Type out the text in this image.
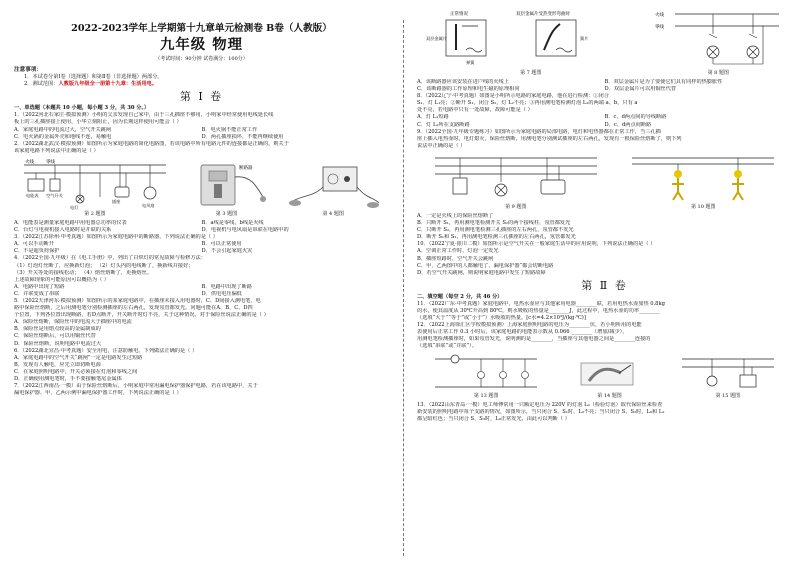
2022-2023学年上学期第十九章单元检测卷 B卷（人教版）
九年级 物理
（考试时间：90分钟 试卷满分：100分）
注意事项：
1．本试卷分第Ⅰ卷（选择题）和第Ⅱ卷（非选择题）两部分。
2．测试范围：人教版九年级全一册第十九章：生活用电。
第 Ⅰ 卷
一、单选题（本题共 10 小题，每小题 3 分，共 30 分。）
1．（2022河北石家庄·模拟预测）小明的父亲发现自己家中，由于三孔插座不够用，小明家中经常使用电线延长线
板上的三孔插座接上使用，小华立刻阻止，因为长期这样使用可能会（ ）
A．家庭电路中的电流过大，空气开关跳闸	B．电火锅不能正常工作
C．电火锅的金属外壳和地线不连，易触电	D．两孔插座损坏，不能再继续使用
2．（2022湖北武汉·模拟预测）如图所示为家庭电路的简化电路图，若该电路中所有电路元件的连接都是正确的，则关于
该家庭电路下列说法中正确的是（ ）
火线	零线
电能表 空气开关
电灯
插座
电风扇
第 2 题图
断路器
第 3 题图	第 4 题图
A．电能表是测量家庭电路中用电器总功率的仪表	B．a线是零线，b线是火线
C．台灯与电视机接入电路时是并联的关系	D．电视机与电风扇是串联在电路中的
3．（2022江苏徐州·中考真题）如图所示为家庭电路中的断路器，下列说法正确的是（ ）
A．可以手动断开	B．可以正常使用
C．不是超负荷保护	D．不会引起家庭火灾
4．（2022全国·九年级）在《电工手册》中，列出了白炽灯的常见故障与检修方法：
（1）灯泡灯丝断了，应换新灯泡； （2）灯头内的电线断了，换新线并接好；
（3）开关等处的接线松动； （4）熔丝熔断了，更换熔丝。
上述故障现象的可能原因可以概括为（ ）
A．电路中出现了短路	B．电路中出现了断路
C．并联变成了串联	D．供电电压偏低
5．（2022天津河东·模拟预测）如图所示的某家庭电路中，在插座未接入用电器时，C、D间接入测电笔，电
路中保险丝熔断，之后用测电笔分别检测插座的左右两孔，发现氖管都发光。问题可能在A、B、C、D四
个位置，下列各位置出现断路，若D点断开，开关断开时灯不亮，关于这种情况，对于保险丝说法正确的是（ ）
A．保险丝熔断，保险丝中的电流大于插座中的电流
B．保险丝是用熔点较高的金属制成的
C．保险丝熔断后，可以用铜丝代替
D．保险丝熔断，说明电路中电流过大
6．（2022湖北宜昌·中考真题）安全用电，注意防触电。下列做法正确的是（ ）
A．家庭电路中的空气开关“跳闸”一定是电路发生过短路
B．发现有人触电，应先立即切断电源
C．在家庭照明电路中，开关必须接在灯泡和零线之间
D．正确使用测电笔时，手不要接触笔尾金属体
7．（2022江西南昌·一模）由于保险丝熔断后，小明家庭中常用漏电保护器保护电路，若在该电路中，关于
漏电保护器、甲、乙两示例中漏电保护器工作时，下列说法正确的是（ ）
正常情况	双层金属片受热变形弯曲时
双层金属片
弹簧
簧片
第 7 题图
火线
零线
第 8 题图
A．该断路器应该安装在进户线的火线上	B．双层金属片是为了要使它们具有同样的热膨胀性
C．该断路器的工作原理和电生磁的原理相同	D．双层金属片可以用铜丝代替
8．（2022辽宁·中考真题）如图是小明所示电路的家庭电路，他在进行检测：①闭合
S₁、灯 L₁亮；②断开 S₁，闭合 S₂，灯 L₂不亮；③再用测电笔检测灯泡 L₂的两端 a、b，只有 a
处不亮，若电路中只有一处故障，故障可能是（ ）
A．灯 L₂短路	B．c、d两点间的导线断路
C．灯 L₂所在支路断路	D．c、d两点间断路
9．（2022全国·九年级专题练习）如图所示为家庭电路的局部电路，电灯和电热器都在正常工作，当三孔插
座上插入电热壶时，电灯熄灭，保险丝熔断，用测电笔分别测试插座的左右两孔，发现有一根保险丝熔断了，则下列
说法中正确的是（ ）
第 9 题图	第 10 题图
A．一定是火线上的保险丝熔断了
B．只断开 S₁，再用测电笔检测开关 S₂的两个接线柱，氖管都发光
C．只断开 S₂，再用测电笔检测三孔插座的左右两孔，氖管都不发光
D．断开 S₁和 S₂，再用测电笔检测三孔插座的左右两孔，氖管都发光
10．（2022宁夏·银川二模）如图所示是空气开关在一般家庭生活中的应用说明，下列说法正确的是（ ）
A．空调正常工作时，灯泡一定发光
B．插座短路时，空气开关会跳闸
C．甲、乙两图中的人都触电了，漏电保护器“都会切断电路
D．若空气开关跳闸，则说明家庭电路中发生了短路故障
第 Ⅱ 卷
二、填空题（每空 2 分，共 46 分）
11．（2022广东·中考真题）家庭电路中，电热水壶应与其他家用电器________联，若用电热水壶加热 0.8kg
的水，使其温度从 30℃升高到 80℃，则水吸收的热量是________J，此过程中，电热水壶的功率________
（选填“大于”“等于”或“小于”）水吸收的热量。[c水=4.2×10³J/(kg·℃)]
12．（2022上海徐汇区学校模拟预测）上海家庭照明电路的电压为________伏，若小明所用的电能
表使用后正常工作 0.3 小时后，该家庭电路的电能表示数从 0.066 ________（增加/减少），
用测电笔检测插座时，如果氖管发光，说明测的是________，当插座与其他电器之间是________连接的
（选填“串联”或“并联”）。
第 13 题图	第 14 题图	第 15 题图
13．（2022山东青岛·一模）电工师傅常用一只额定电压为 220V 的灯泡 L₀（检验灯泡）取代保险丝来检查
新安装的照明电路中每个支路的情况，如图所示，当只闭合 S、S₁时，L₀不亮；当只闭合 S、S₂时，L₀和 L₂
都呈暗红色；当只闭合 S、S₃时，L₀正常发光，由此可以判断（ ）
